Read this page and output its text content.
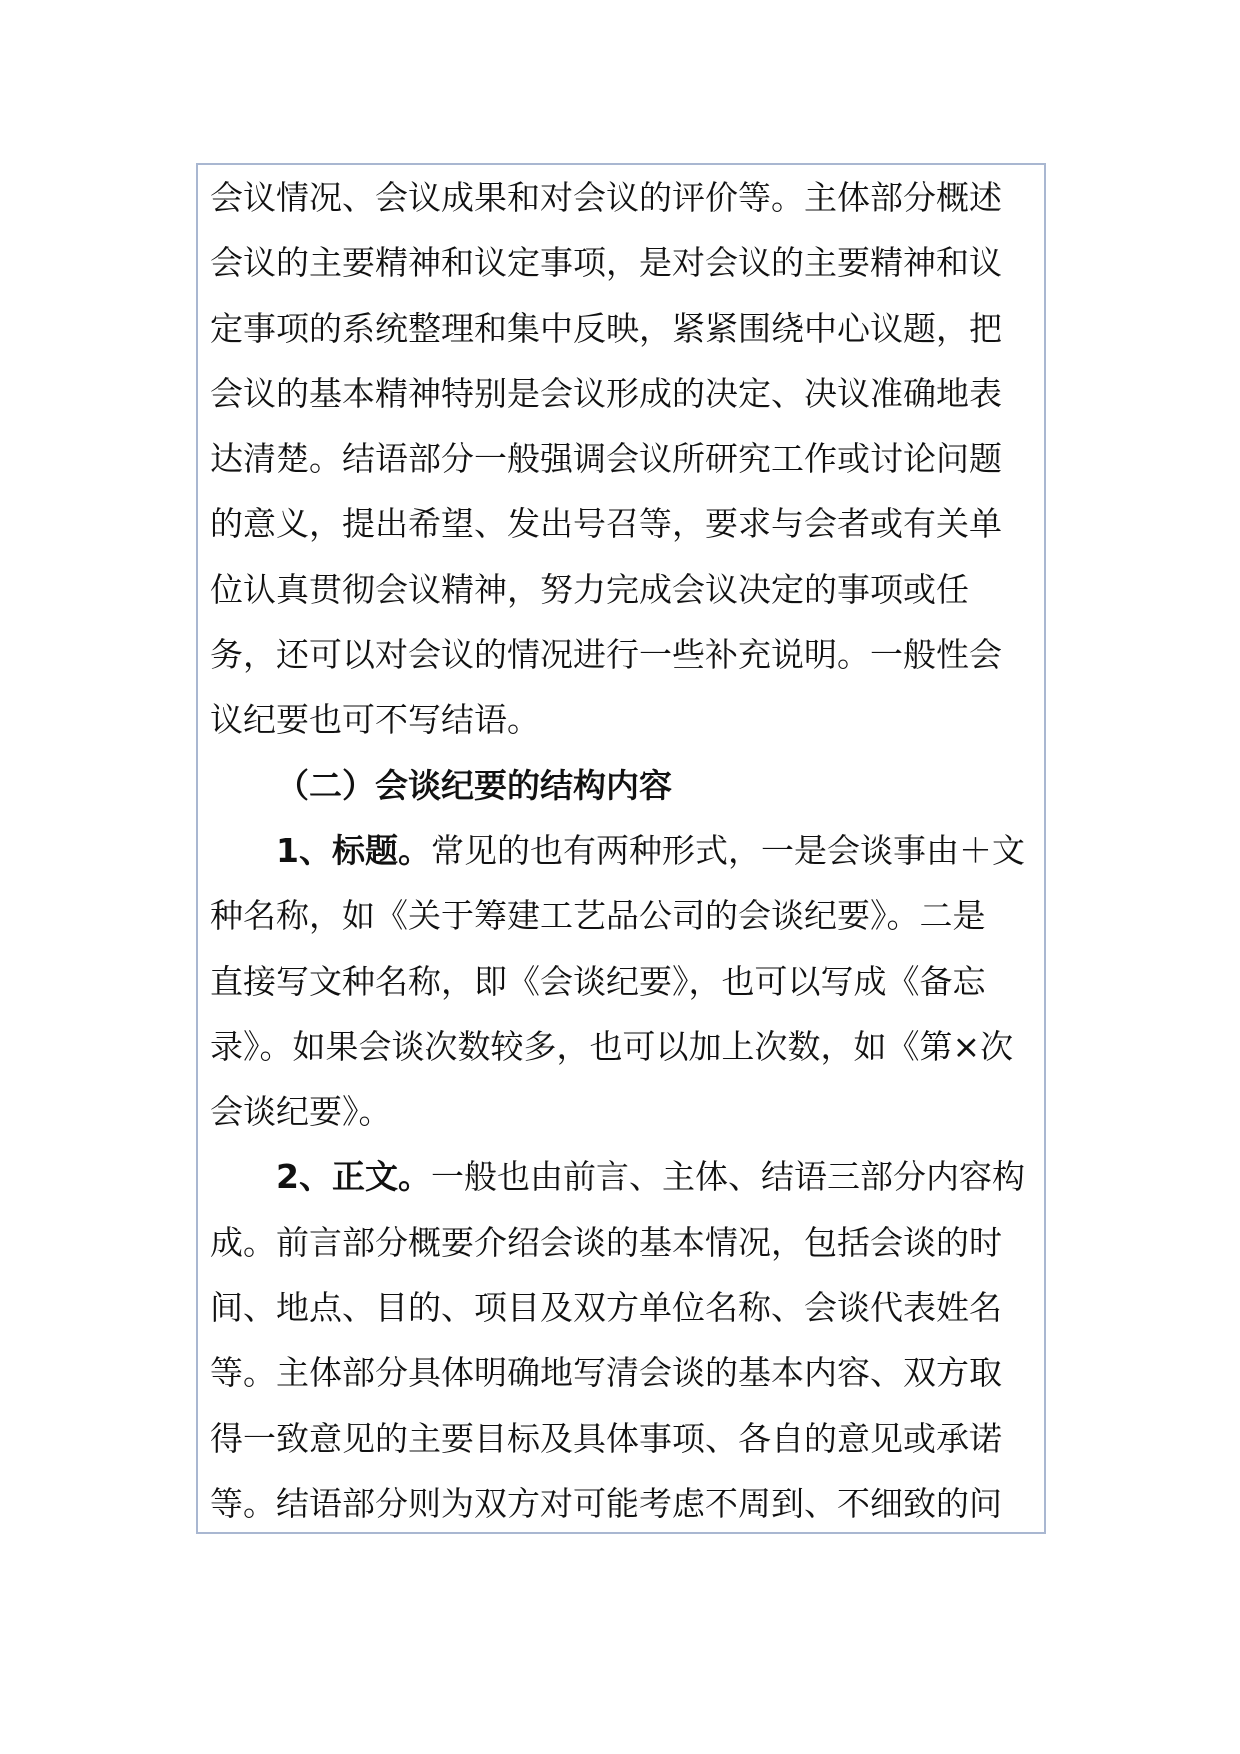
会议情况、会议成果和对会议的评价等。主体部分概述
会议的主要精神和议定事项，是对会议的主要精神和议
定事项的系统整理和集中反映，紧紧围绕中心议题，把
会议的基本精神特别是会议形成的决定、决议准确地表
达清楚。结语部分一般强调会议所研究工作或讨论问题
的意义，提出希望、发出号召等，要求与会者或有关单
位认真贯彻会议精神，努力完成会议决定的事项或任
务，还可以对会议的情况进行一些补充说明。一般性会
议纪要也可不写结语。
（二）会谈纪要的结构内容
1、标题。常见的也有两种形式，一是会谈事由＋文
种名称，如《关于筹建工艺品公司的会谈纪要》。二是
直接写文种名称，即《会谈纪要》，也可以写成《备忘
录》。如果会谈次数较多，也可以加上次数，如《第×次
会谈纪要》。
2、正文。一般也由前言、主体、结语三部分内容构
成。前言部分概要介绍会谈的基本情况，包括会谈的时
间、地点、目的、项目及双方单位名称、会谈代表姓名
等。主体部分具体明确地写清会谈的基本内容、双方取
得一致意见的主要目标及具体事项、各自的意见或承诺
等。结语部分则为双方对可能考虑不周到、不细致的问
